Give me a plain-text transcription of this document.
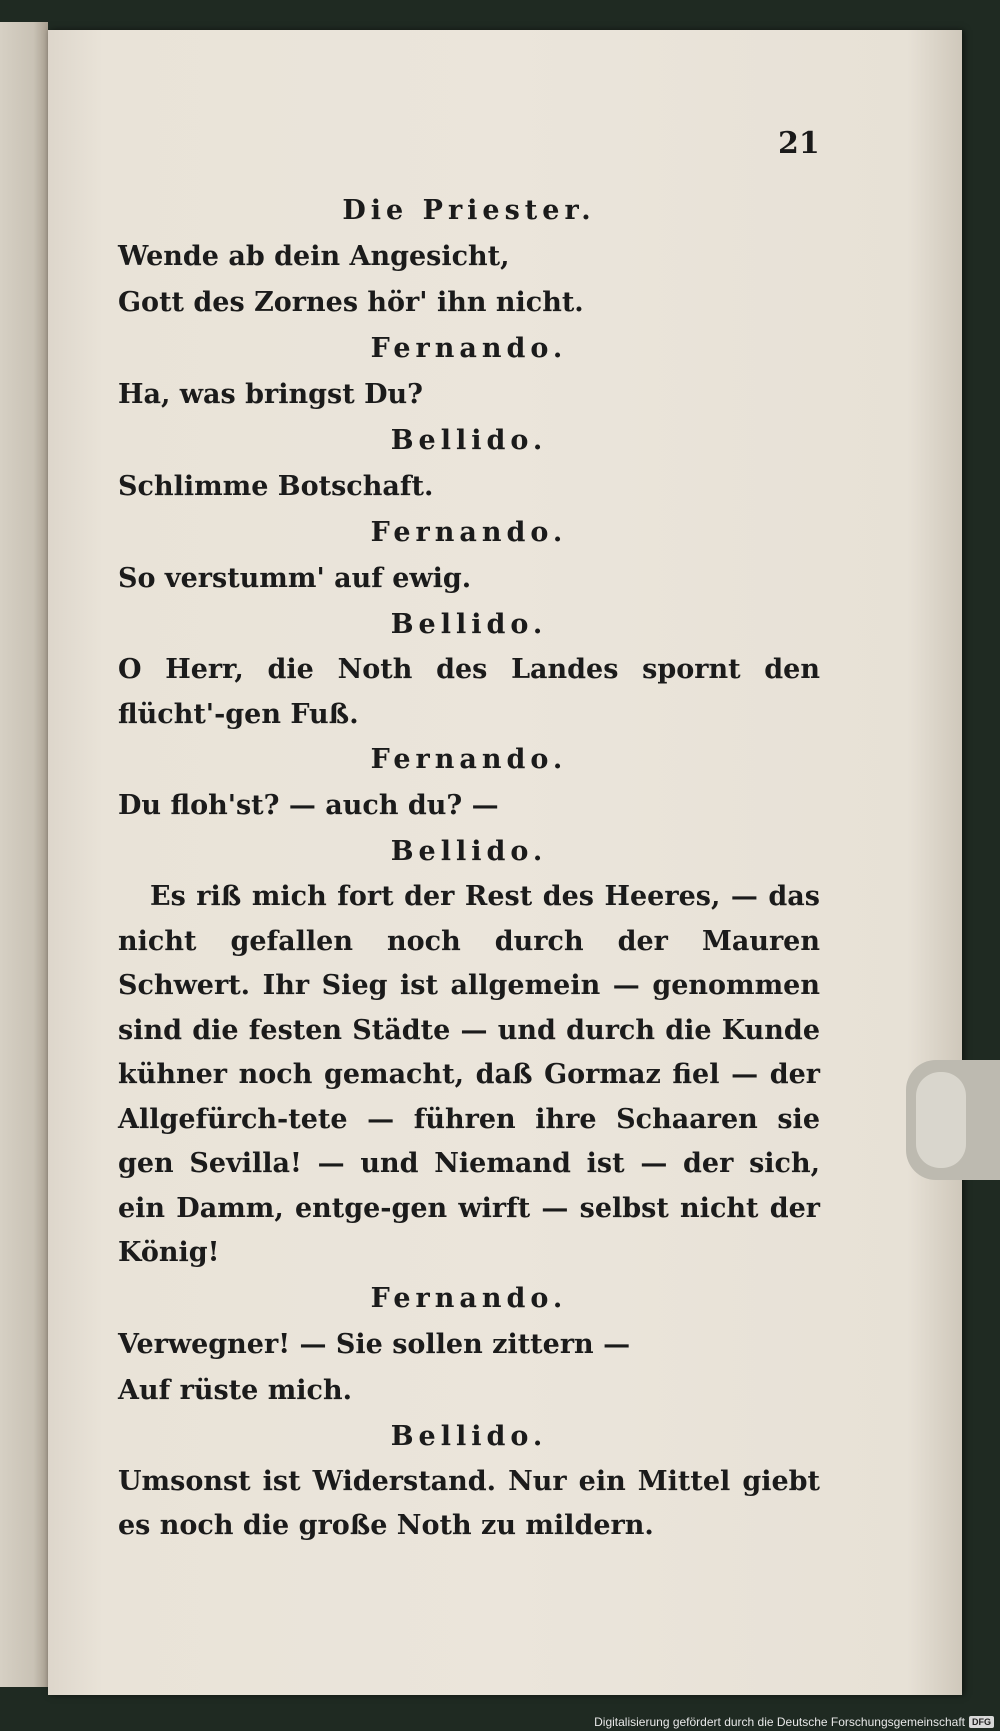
21
Die Priester.
Wende ab dein Angesicht,
Gott des Zornes hör' ihn nicht.
Fernando.
Ha, was bringst Du?
Bellido.
Schlimme Botschaft.
Fernando.
So verstumm' auf ewig.
Bellido.
O Herr, die Noth des Landes spornt den flücht'-gen Fuß.
Fernando.
Du floh'st? — auch du? —
Bellido.
Es riß mich fort der Rest des Heeres, — das nicht gefallen noch durch der Mauren Schwert. Ihr Sieg ist allgemein — genommen sind die festen Städte — und durch die Kunde kühner noch gemacht, daß Gormaz fiel — der Allgefürch-tete — führen ihre Schaaren sie gen Sevilla! — und Niemand ist — der sich, ein Damm, entge-gen wirft — selbst nicht der König!
Fernando.
Verwegner! — Sie sollen zittern —
Auf rüste mich.
Bellido.
Umsonst ist Widerstand. Nur ein Mittel giebt es noch die große Noth zu mildern.
Digitalisierung gefördert durch die Deutsche Forschungsgemeinschaft DFG
